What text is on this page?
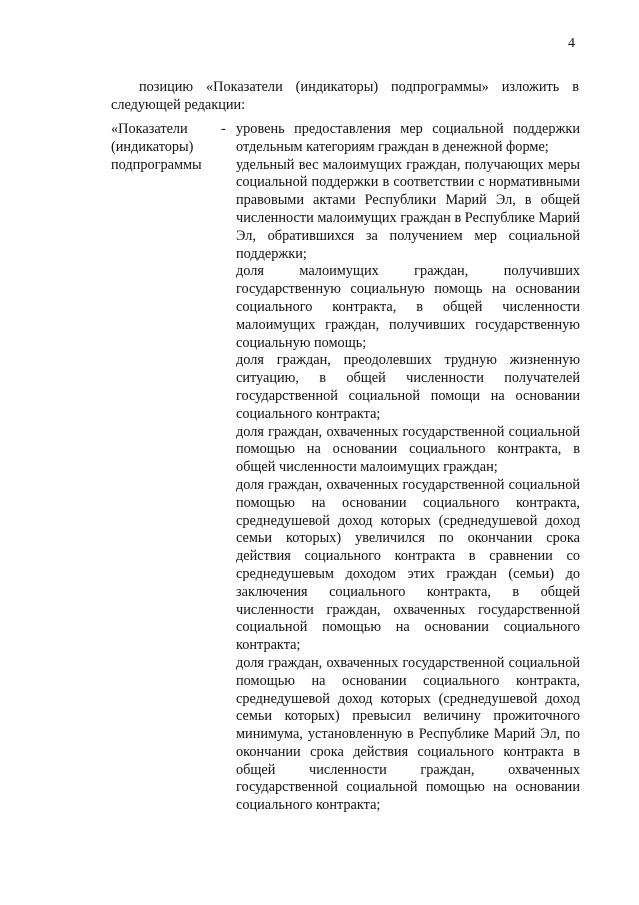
4
позицию «Показатели (индикаторы) подпрограммы» изложить в следующей редакции:
«Показатели
(индикаторы)
подпрограммы
- уровень предоставления мер социальной поддержки отдельным категориям граждан в денежной форме;

удельный вес малоимущих граждан, получающих меры социальной поддержки в соответствии с нормативными правовыми актами Республики Марий Эл, в общей численности малоимущих граждан в Республике Марий Эл, обратившихся за получением мер социальной поддержки;

доля малоимущих граждан, получивших государственную социальную помощь на основании социального контракта, в общей численности малоимущих граждан, получивших государственную социальную помощь;

доля граждан, преодолевших трудную жизненную ситуацию, в общей численности получателей государственной социальной помощи на основании социального контракта;

доля граждан, охваченных государственной социальной помощью на основании социального контракта, в общей численности малоимущих граждан;

доля граждан, охваченных государственной социальной помощью на основании социального контракта, среднедушевой доход которых (среднедушевой доход семьи которых) увеличился по окончании срока действия социального контракта в сравнении со среднедушевым доходом этих граждан (семьи) до заключения социального контракта, в общей численности граждан, охваченных государственной социальной помощью на основании социального контракта;

доля граждан, охваченных государственной социальной помощью на основании социального контракта, среднедушевой доход которых (среднедушевой доход семьи которых) превысил величину прожиточного минимума, установленную в Республике Марий Эл, по окончании срока действия социального контракта в общей численности граждан, охваченных государственной социальной помощью на основании социального контракта;
